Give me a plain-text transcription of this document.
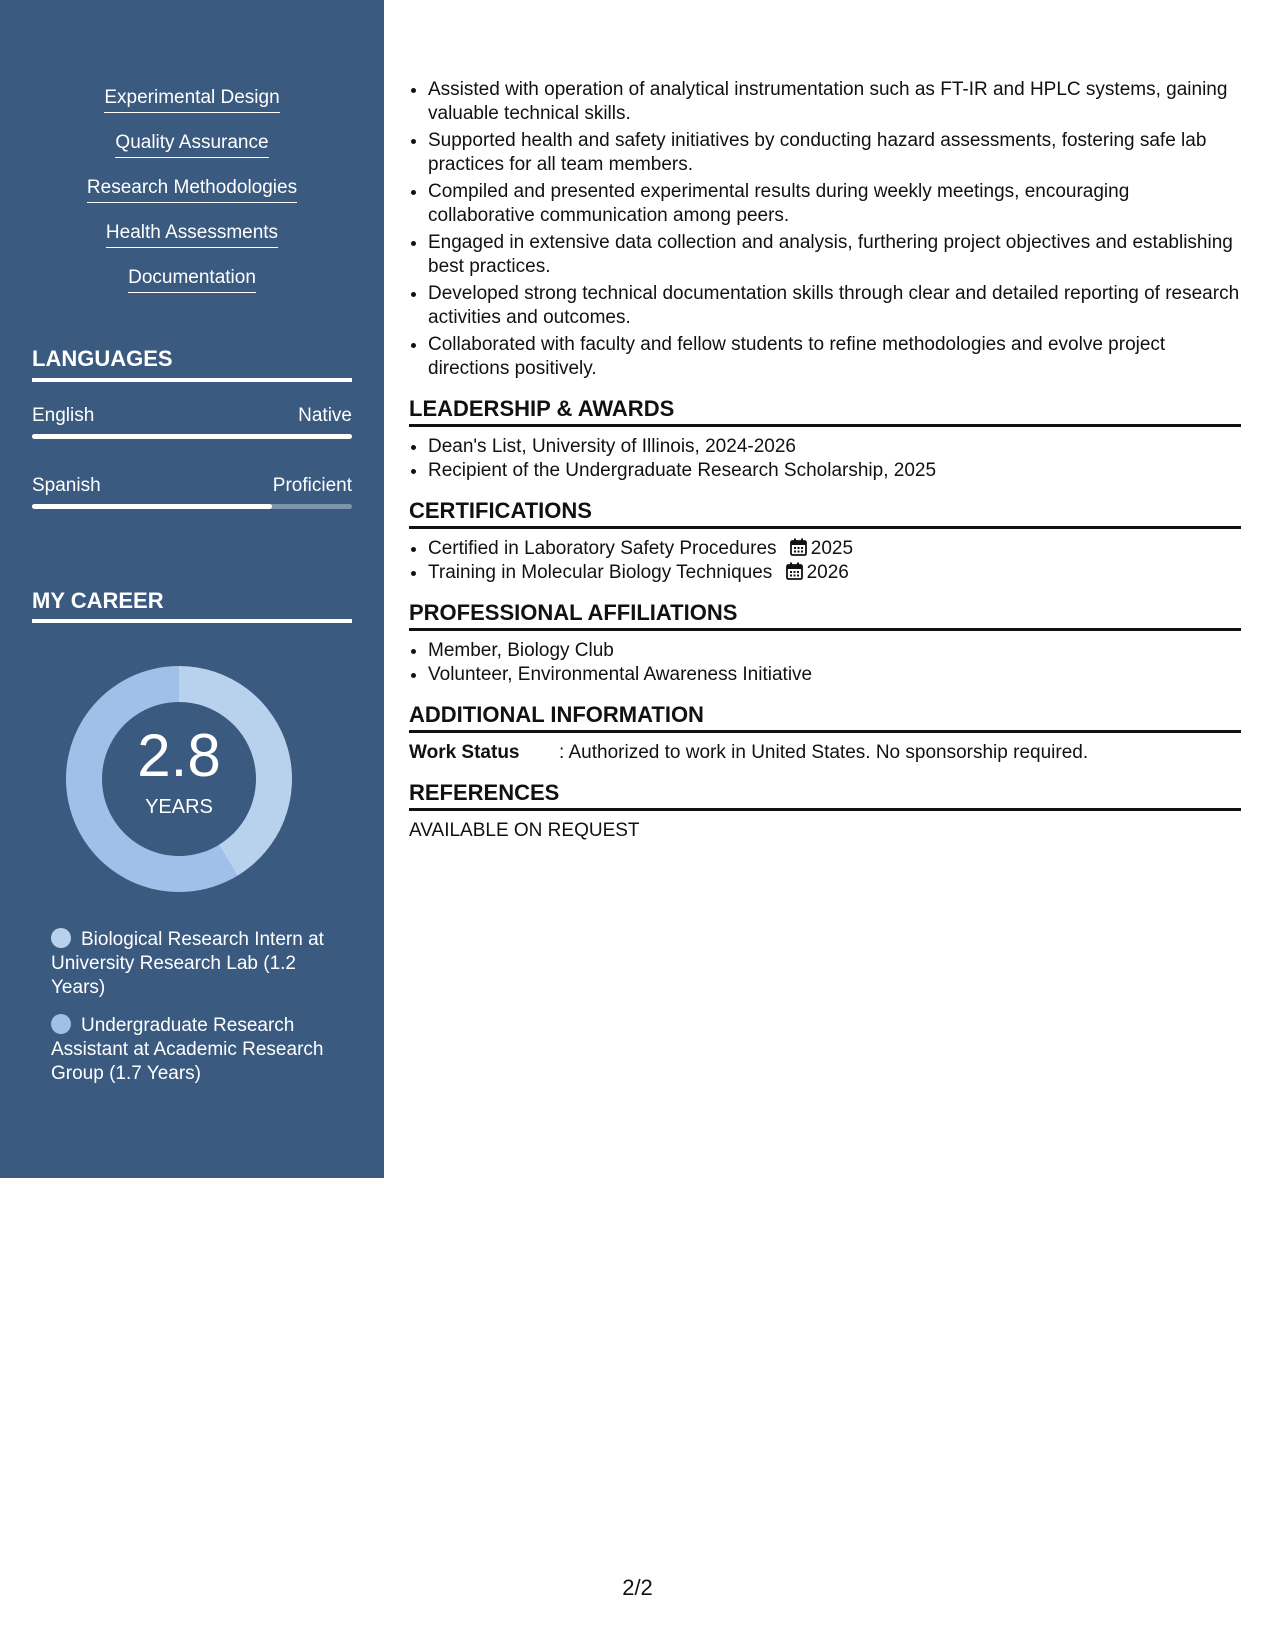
Experimental Design
Quality Assurance
Research Methodologies
Health Assessments
Documentation
LANGUAGES
English	Native
Spanish	Proficient
MY CAREER
2.8
YEARS
Biological Research Intern at University Research Lab (1.2 Years)
Undergraduate Research Assistant at Academic Research Group (1.7 Years)
• Assisted with operation of analytical instrumentation such as FT-IR and HPLC systems, gaining valuable technical skills.
• Supported health and safety initiatives by conducting hazard assessments, fostering safe lab practices for all team members.
• Compiled and presented experimental results during weekly meetings, encouraging collaborative communication among peers.
• Engaged in extensive data collection and analysis, furthering project objectives and establishing best practices.
• Developed strong technical documentation skills through clear and detailed reporting of research activities and outcomes.
• Collaborated with faculty and fellow students to refine methodologies and evolve project directions positively.
LEADERSHIP & AWARDS
• Dean's List, University of Illinois, 2024-2026
• Recipient of the Undergraduate Research Scholarship, 2025
CERTIFICATIONS
• Certified in Laboratory Safety Procedures 2025
• Training in Molecular Biology Techniques 2026
PROFESSIONAL AFFILIATIONS
• Member, Biology Club
• Volunteer, Environmental Awareness Initiative
ADDITIONAL INFORMATION
Work Status	: Authorized to work in United States. No sponsorship required.
REFERENCES
AVAILABLE ON REQUEST
2/2
